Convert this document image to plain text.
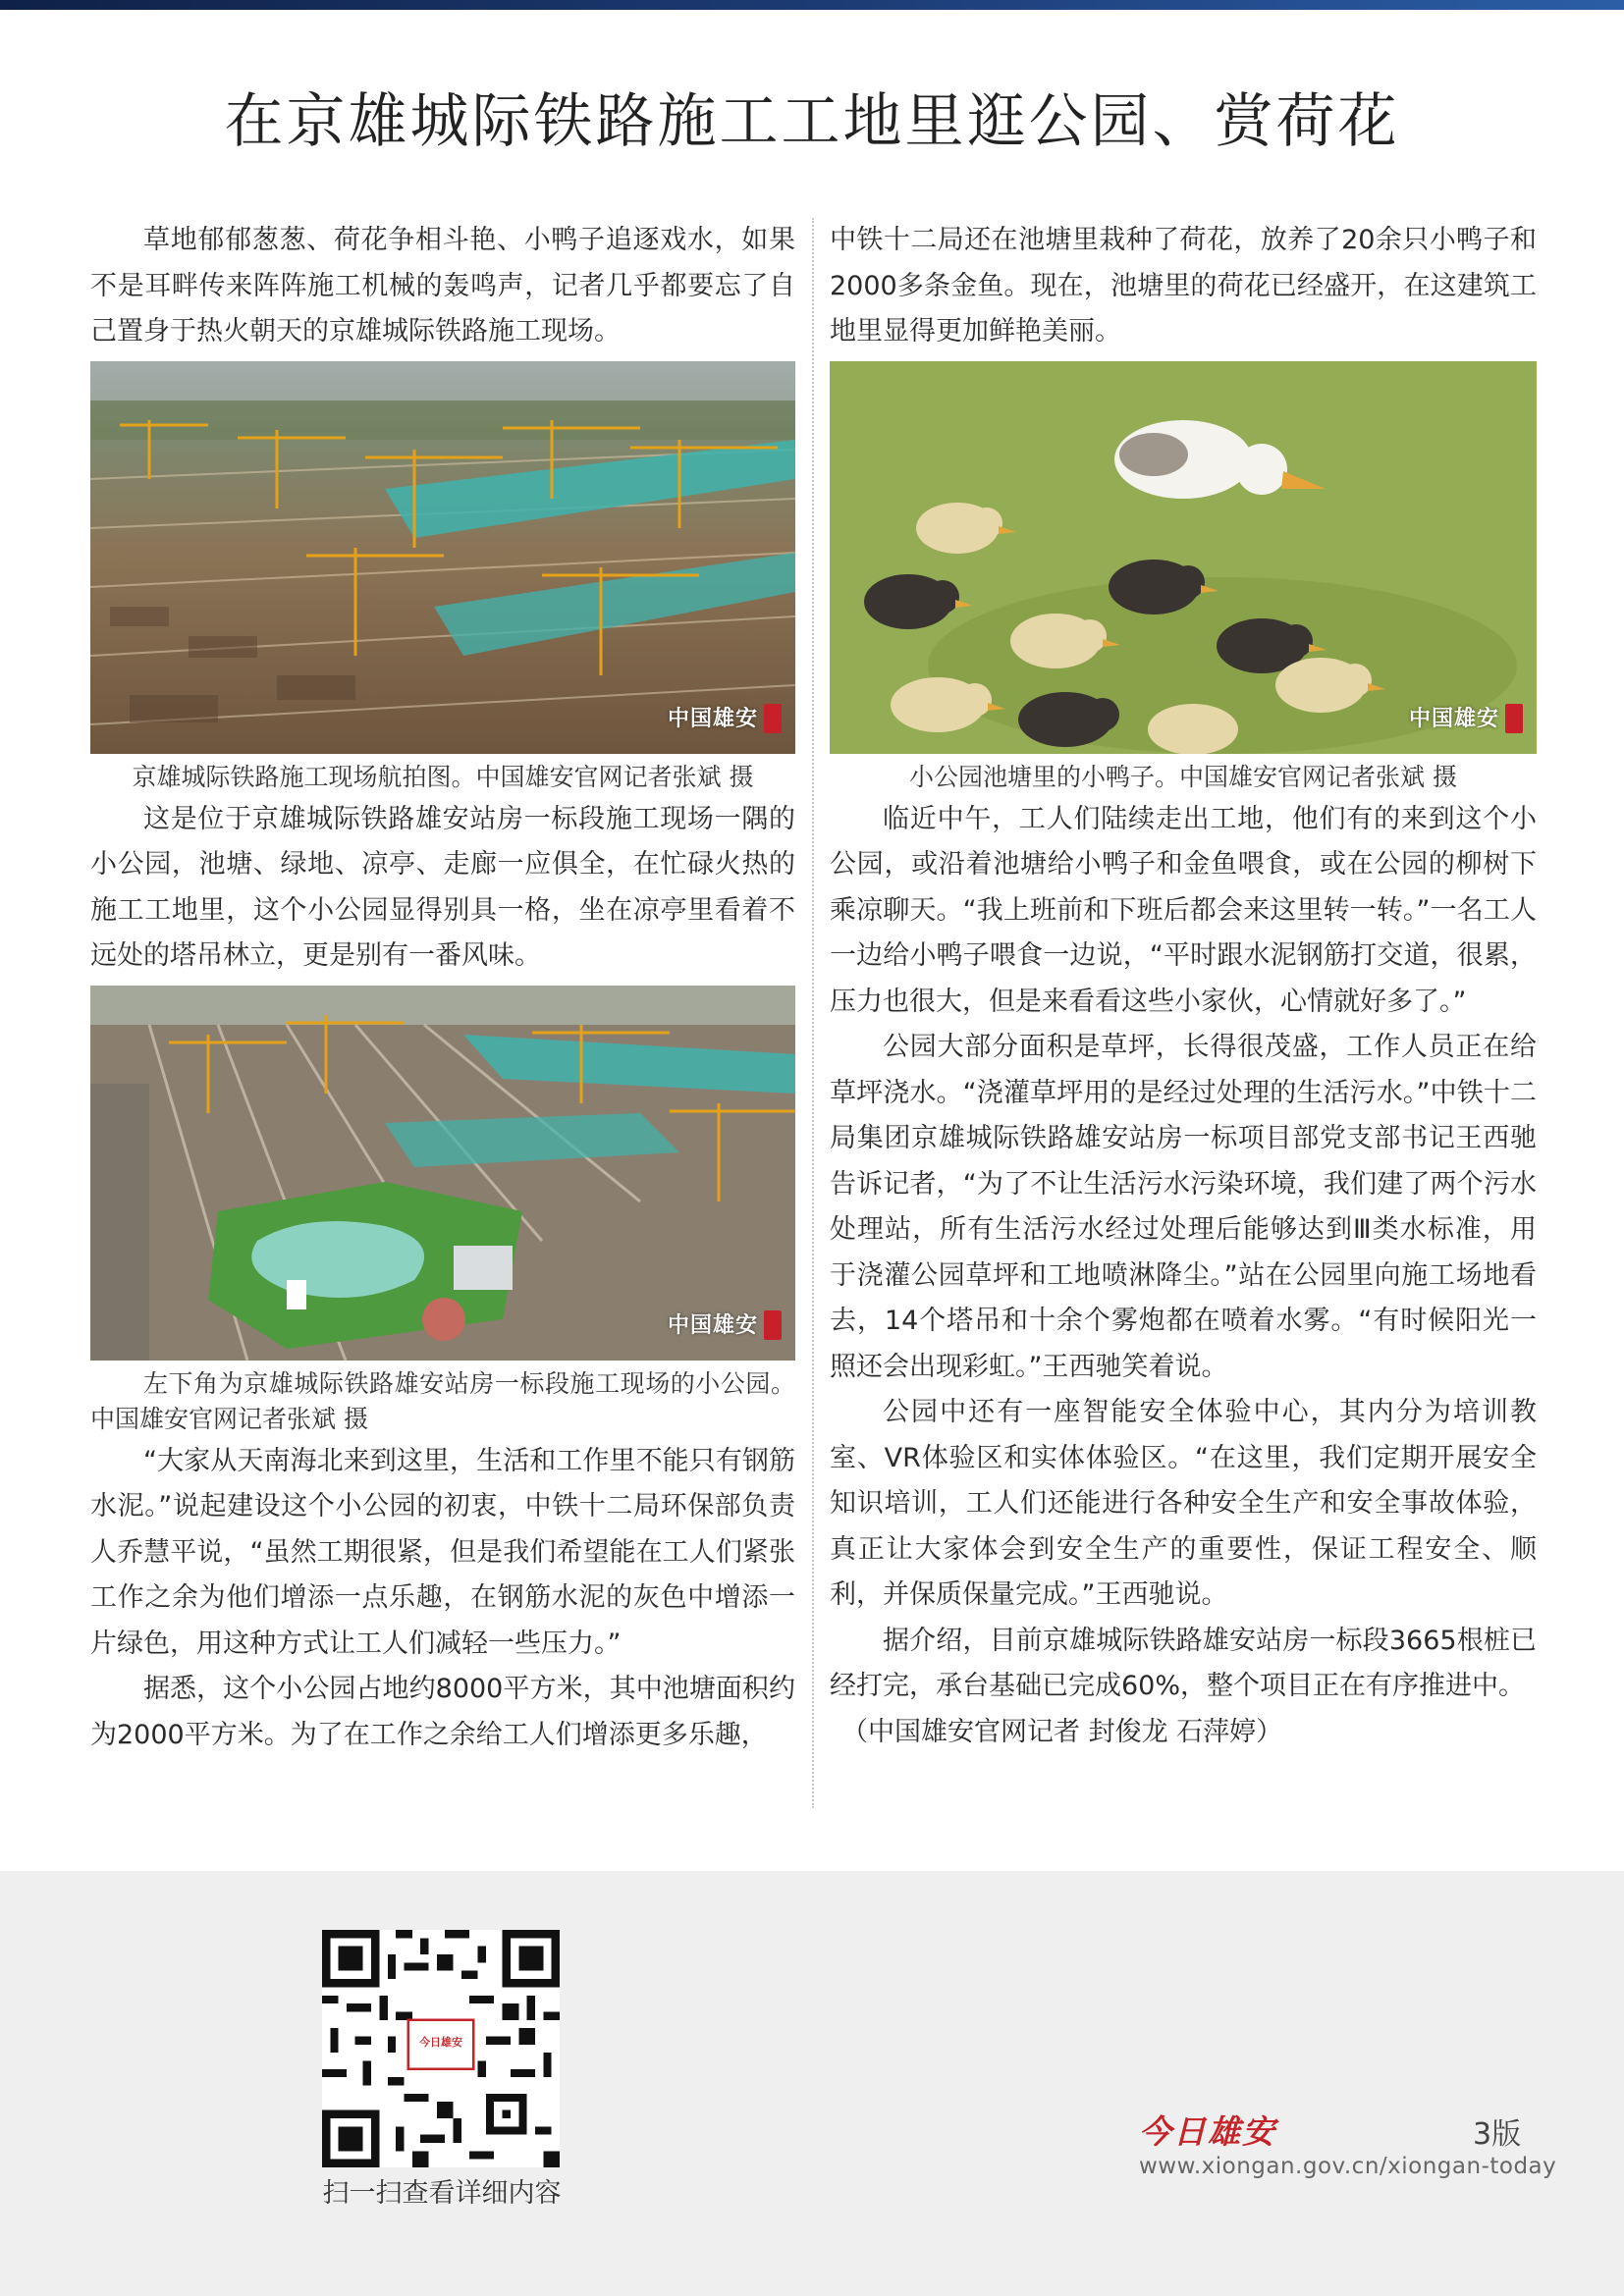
在京雄城际铁路施工工地里逛公园、赏荷花

草地郁郁葱葱、荷花争相斗艳、小鸭子追逐戏水，如果不是耳畔传来阵阵施工机械的轰鸣声，记者几乎都要忘了自己置身于热火朝天的京雄城际铁路施工现场。

中国雄安

京雄城际铁路施工现场航拍图。中国雄安官网记者张斌 摄

这是位于京雄城际铁路雄安站房一标段施工现场一隅的小公园，池塘、绿地、凉亭、走廊一应俱全，在忙碌火热的施工工地里，这个小公园显得别具一格，坐在凉亭里看着不远处的塔吊林立，更是别有一番风味。

中国雄安

左下角为京雄城际铁路雄安站房一标段施工现场的小公园。中国雄安官网记者张斌 摄

“大家从天南海北来到这里，生活和工作里不能只有钢筋水泥。”说起建设这个小公园的初衷，中铁十二局环保部负责人乔慧平说，“虽然工期很紧，但是我们希望能在工人们紧张工作之余为他们增添一点乐趣，在钢筋水泥的灰色中增添一片绿色，用这种方式让工人们减轻一些压力。”

据悉，这个小公园占地约8000平方米，其中池塘面积约为2000平方米。为了在工作之余给工人们增添更多乐趣，

中铁十二局还在池塘里栽种了荷花，放养了20余只小鸭子和2000多条金鱼。现在，池塘里的荷花已经盛开，在这建筑工地里显得更加鲜艳美丽。

中国雄安

小公园池塘里的小鸭子。中国雄安官网记者张斌 摄

临近中午，工人们陆续走出工地，他们有的来到这个小公园，或沿着池塘给小鸭子和金鱼喂食，或在公园的柳树下乘凉聊天。“我上班前和下班后都会来这里转一转。”一名工人一边给小鸭子喂食一边说，“平时跟水泥钢筋打交道，很累，压力也很大，但是来看看这些小家伙，心情就好多了。”

公园大部分面积是草坪，长得很茂盛，工作人员正在给草坪浇水。“浇灌草坪用的是经过处理的生活污水。”中铁十二局集团京雄城际铁路雄安站房一标项目部党支部书记王西驰告诉记者，“为了不让生活污水污染环境，我们建了两个污水处理站，所有生活污水经过处理后能够达到Ⅲ类水标准，用于浇灌公园草坪和工地喷淋降尘。”站在公园里向施工场地看去，14个塔吊和十余个雾炮都在喷着水雾。“有时候阳光一照还会出现彩虹。”王西驰笑着说。

公园中还有一座智能安全体验中心，其内分为培训教室、VR体验区和实体体验区。“在这里，我们定期开展安全知识培训，工人们还能进行各种安全生产和安全事故体验，真正让大家体会到安全生产的重要性，保证工程安全、顺利，并保质保量完成。”王西驰说。

据介绍，目前京雄城际铁路雄安站房一标段3665根桩已经打完，承台基础已完成60%，整个项目正在有序推进中。

（中国雄安官网记者 封俊龙 石萍婷）

今日雄安
扫一扫查看详细内容
今日雄安	3版
www.xiongan.gov.cn/xiongan-today
